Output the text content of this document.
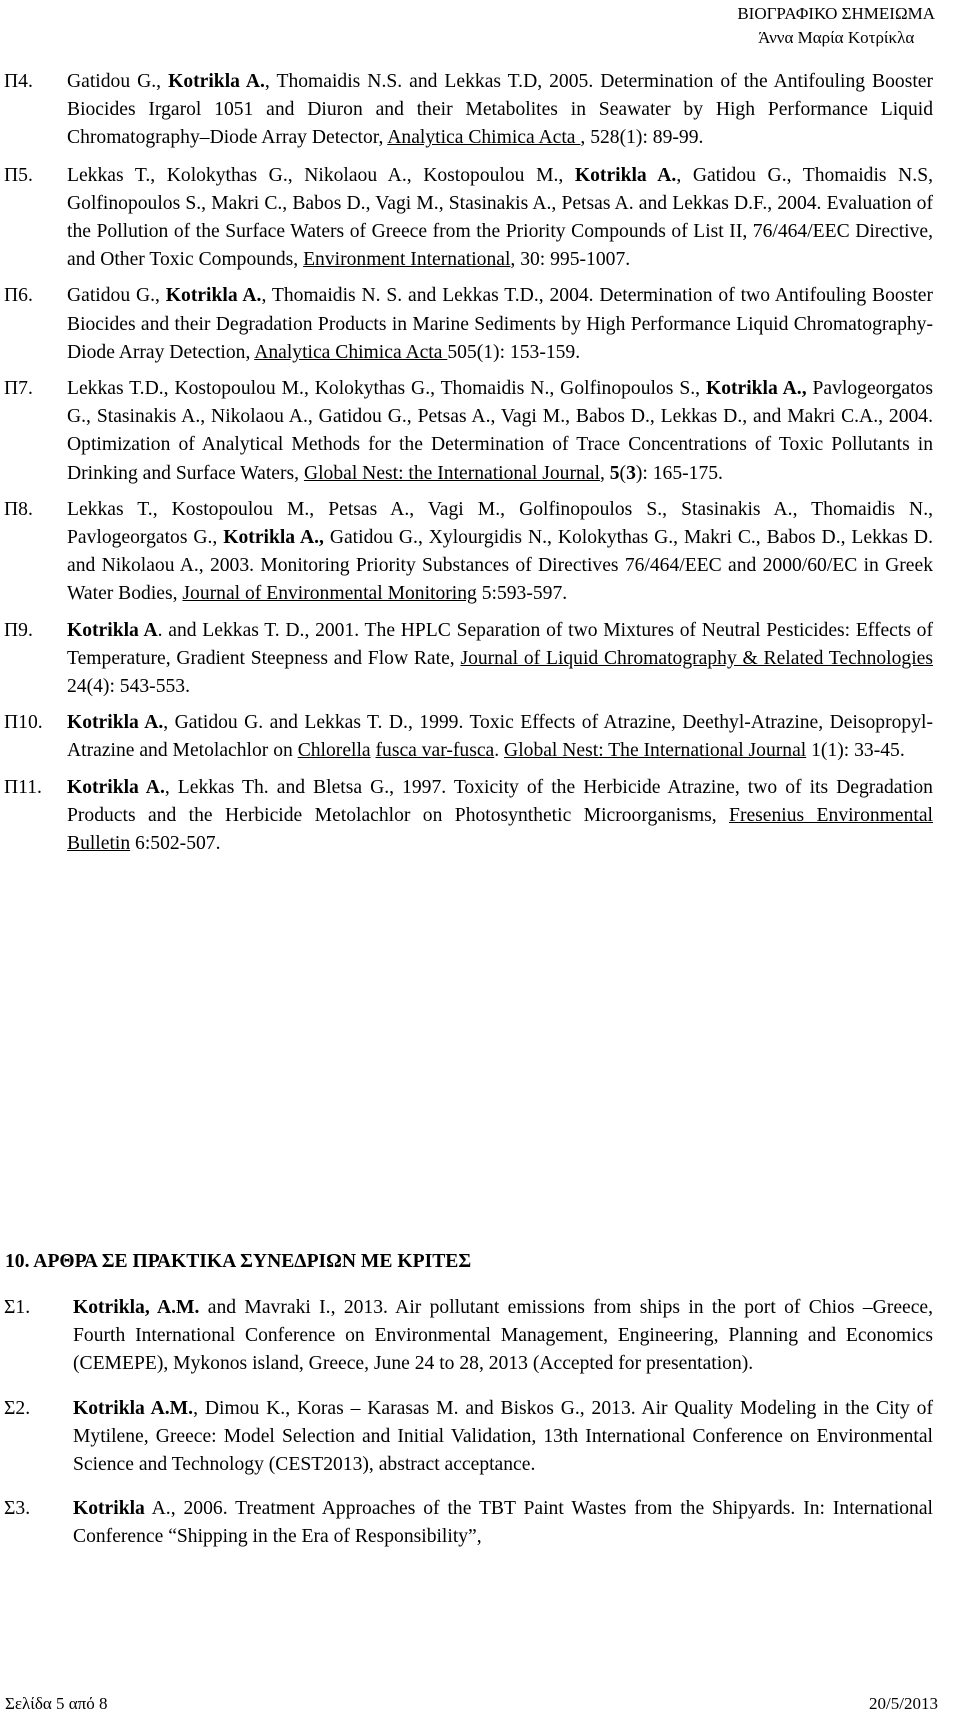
ΒΙΟΓΡΑΦΙΚΟ ΣΗΜΕΙΩΜΑ
Άννα Μαρία Κοτρίκλα
Π4. Gatidou G., Kotrikla A., Thomaidis N.S. and Lekkas T.D, 2005. Determination of the Antifouling Booster Biocides Irgarol 1051 and Diuron and their Metabolites in Seawater by High Performance Liquid Chromatography–Diode Array Detector, Analytica Chimica Acta , 528(1): 89-99.
Π5. Lekkas T., Kolokythas G., Nikolaou A., Kostopoulou M., Kotrikla A., Gatidou G., Thomaidis N.S, Golfinopoulos S., Makri C., Babos D., Vagi M., Stasinakis A., Petsas A. and Lekkas D.F., 2004. Evaluation of the Pollution of the Surface Waters of Greece from the Priority Compounds of List II, 76/464/EEC Directive, and Other Toxic Compounds, Environment International, 30: 995-1007.
Π6. Gatidou G., Kotrikla A., Thomaidis N. S. and Lekkas T.D., 2004. Determination of two Antifouling Booster Biocides and their Degradation Products in Marine Sediments by High Performance Liquid Chromatography-Diode Array Detection, Analytica Chimica Acta 505(1): 153-159.
Π7. Lekkas T.D., Kostopoulou M., Kolokythas G., Thomaidis N., Golfinopoulos S., Kotrikla A., Pavlogeorgatos G., Stasinakis A., Nikolaou A., Gatidou G., Petsas A., Vagi M., Babos D., Lekkas D., and Makri C.A., 2004. Optimization of Analytical Methods for the Determination of Trace Concentrations of Toxic Pollutants in Drinking and Surface Waters, Global Nest: the International Journal, 5(3): 165-175.
Π8. Lekkas T., Kostopoulou M., Petsas A., Vagi M., Golfinopoulos S., Stasinakis A., Thomaidis N., Pavlogeorgatos G., Kotrikla A., Gatidou G., Xylourgidis N., Kolokythas G., Makri C., Babos D., Lekkas D. and Nikolaou A., 2003. Monitoring Priority Substances of Directives 76/464/EEC and 2000/60/EC in Greek Water Bodies, Journal of Environmental Monitoring 5:593-597.
Π9. Kotrikla A. and Lekkas T. D., 2001. The HPLC Separation of two Mixtures of Neutral Pesticides: Effects of Temperature, Gradient Steepness and Flow Rate, Journal of Liquid Chromatography & Related Technologies 24(4): 543-553.
Π10. Kotrikla A., Gatidou G. and Lekkas T. D., 1999. Toxic Effects of Atrazine, Deethyl-Atrazine, Deisopropyl-Atrazine and Metolachlor on Chlorella fusca var-fusca. Global Nest: The International Journal 1(1): 33-45.
Π11. Kotrikla A., Lekkas Th. and Bletsa G., 1997. Toxicity of the Herbicide Atrazine, two of its Degradation Products and the Herbicide Metolachlor on Photosynthetic Microorganisms, Fresenius Environmental Bulletin 6:502-507.
10. ΑΡΘΡΑ ΣΕ ΠΡΑΚΤΙΚΑ ΣΥΝΕΔΡΙΩΝ ΜΕ ΚΡΙΤΕΣ
Σ1. Kotrikla, A.M. and Mavraki I., 2013. Air pollutant emissions from ships in the port of Chios –Greece, Fourth International Conference on Environmental Management, Engineering, Planning and Economics (CEMEPE), Mykonos island, Greece, June 24 to 28, 2013 (Accepted for presentation).
Σ2. Kotrikla A.M., Dimou K., Koras – Karasas M. and Biskos G., 2013. Air Quality Modeling in the City of Mytilene, Greece: Model Selection and Initial Validation, 13th International Conference on Environmental Science and Technology (CEST2013), abstract acceptance.
Σ3. Kotrikla A., 2006. Treatment Approaches of the TBT Paint Wastes from the Shipyards. In: International Conference “Shipping in the Era of Responsibility”,
Σελίδα 5 από 8	20/5/2013
